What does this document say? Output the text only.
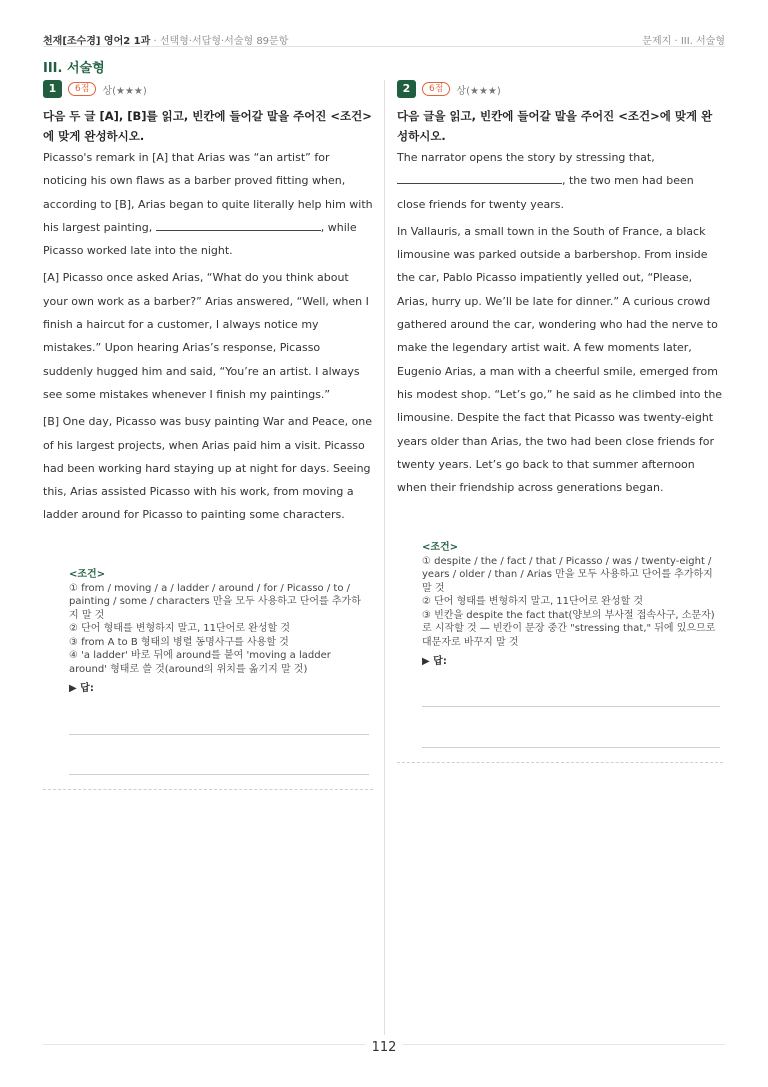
천재[조수경] 영어2 1과 · 선택형·서답형·서술형 89문항	문제지 · III. 서술형
III. 서술형
1	6점	상(★★★)
다음 두 글 [A], [B]를 읽고, 빈칸에 들어갈 말을 주어진 <조건>에 맞게 완성하시오.

Picasso's remark in [A] that Arias was “an artist” for noticing his own flaws as a barber proved fitting when, according to [B], Arias began to quite literally help him with his largest painting,	, while Picasso worked late into the night.

[A] Picasso once asked Arias, “What do you think about your own work as a barber?” Arias answered, “Well, when I finish a haircut for a customer, I always notice my mistakes.” Upon hearing Arias’s response, Picasso suddenly hugged him and said, “You’re an artist. I always see some mistakes whenever I finish my paintings.”

[B] One day, Picasso was busy painting War and Peace, one of his largest projects, when Arias paid him a visit. Picasso had been working hard staying up at night for days. Seeing this, Arias assisted Picasso with his work, from moving a ladder around for Picasso to painting some characters.

<조건>
① from / moving / a / ladder / around / for / Picasso / to / painting / some / characters 만을 모두 사용하고 단어를 추가하지 말 것
② 단어 형태를 변형하지 말고, 11단어로 완성할 것
③ from A to B 형태의 병렬 동명사구를 사용할 것
④ 'a ladder' 바로 뒤에 around를 붙여 'moving a ladder around' 형태로 쓸 것(around의 위치를 옮기지 말 것)
▶ 답:
2	6점	상(★★★)
다음 글을 읽고, 빈칸에 들어갈 말을 주어진 <조건>에 맞게 완성하시오.

The narrator opens the story by stressing that, , the two men had been close friends for twenty years.

In Vallauris, a small town in the South of France, a black limousine was parked outside a barbershop. From inside the car, Pablo Picasso impatiently yelled out, “Please, Arias, hurry up. We’ll be late for dinner.” A curious crowd gathered around the car, wondering who had the nerve to make the legendary artist wait. A few moments later, Eugenio Arias, a man with a cheerful smile, emerged from his modest shop. “Let’s go,” he said as he climbed into the limousine. Despite the fact that Picasso was twenty-eight years older than Arias, the two had been close friends for twenty years. Let’s go back to that summer afternoon when their friendship across generations began.

<조건>
① despite / the / fact / that / Picasso / was / twenty-eight / years / older / than / Arias 만을 모두 사용하고 단어를 추가하지 말 것
② 단어 형태를 변형하지 말고, 11단어로 완성할 것
③ 빈칸을 despite the fact that(양보의 부사절 접속사구, 소문자)로 시작할 것 — 빈칸이 문장 중간 "stressing that," 뒤에 있으므로 대문자로 바꾸지 말 것
▶ 답:
112
